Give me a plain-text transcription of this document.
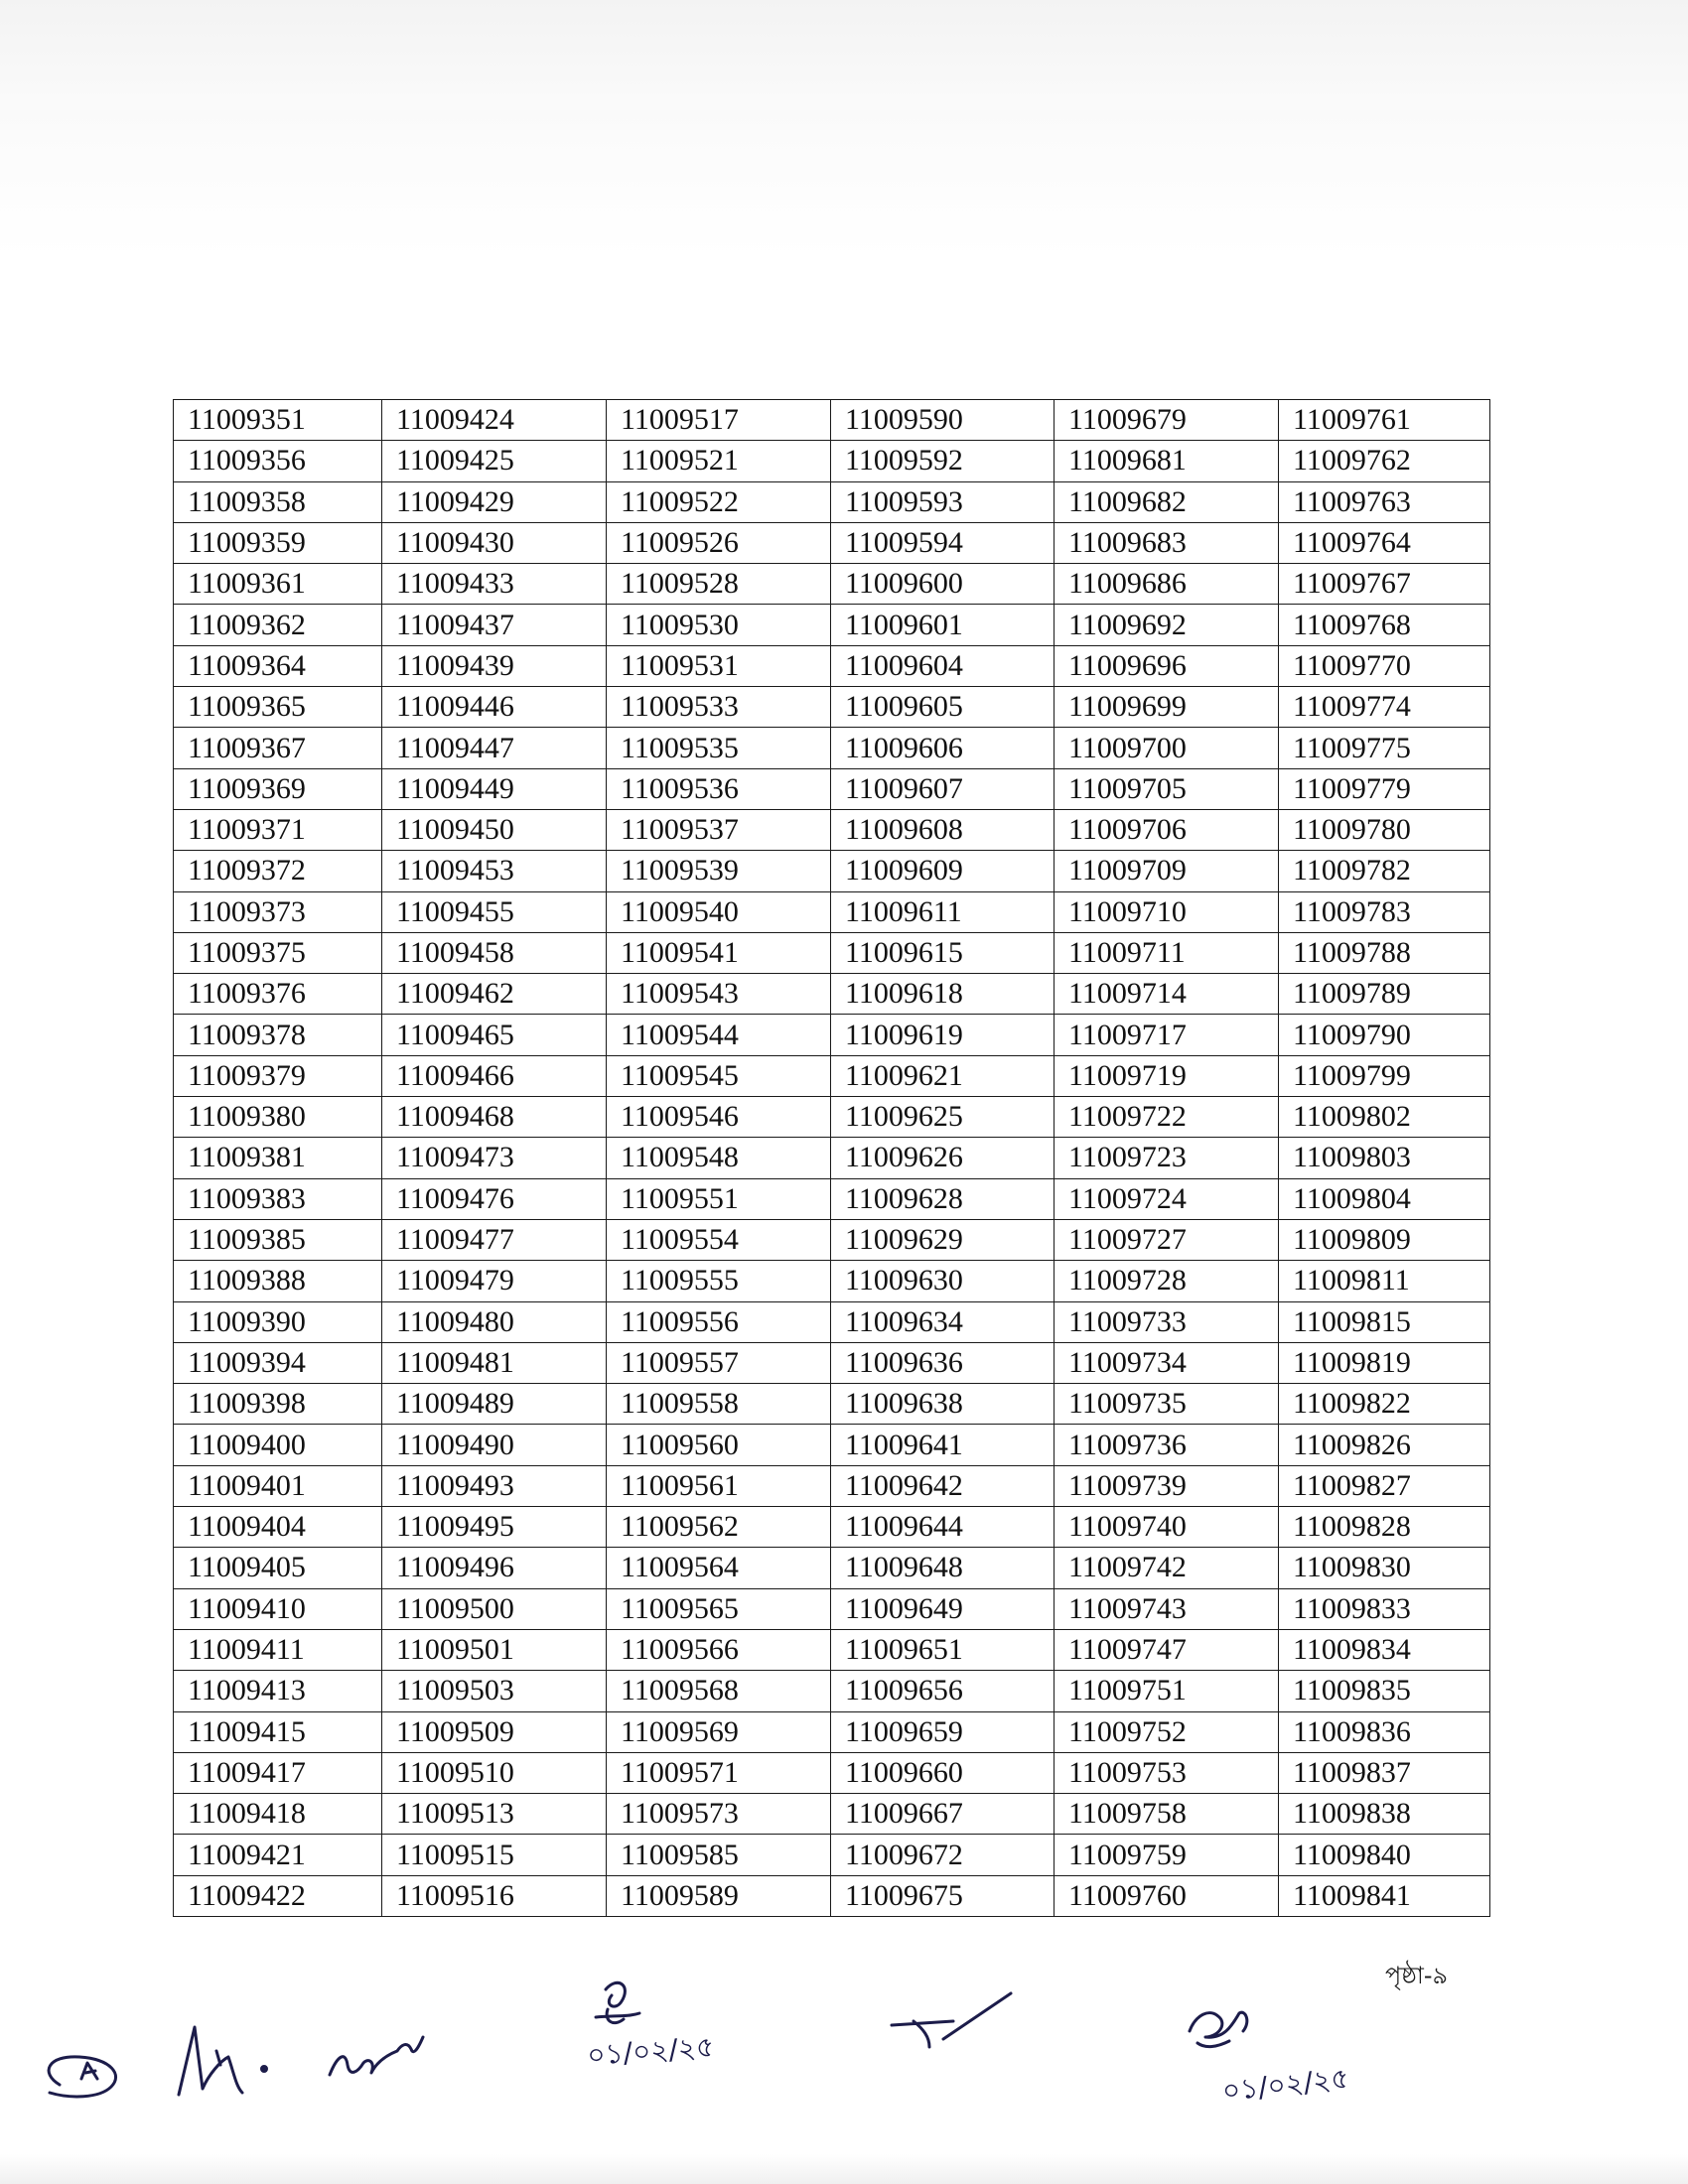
11009351	11009424	11009517	11009590	11009679	11009761
11009356	11009425	11009521	11009592	11009681	11009762
11009358	11009429	11009522	11009593	11009682	11009763
11009359	11009430	11009526	11009594	11009683	11009764
11009361	11009433	11009528	11009600	11009686	11009767
11009362	11009437	11009530	11009601	11009692	11009768
11009364	11009439	11009531	11009604	11009696	11009770
11009365	11009446	11009533	11009605	11009699	11009774
11009367	11009447	11009535	11009606	11009700	11009775
11009369	11009449	11009536	11009607	11009705	11009779
11009371	11009450	11009537	11009608	11009706	11009780
11009372	11009453	11009539	11009609	11009709	11009782
11009373	11009455	11009540	11009611	11009710	11009783
11009375	11009458	11009541	11009615	11009711	11009788
11009376	11009462	11009543	11009618	11009714	11009789
11009378	11009465	11009544	11009619	11009717	11009790
11009379	11009466	11009545	11009621	11009719	11009799
11009380	11009468	11009546	11009625	11009722	11009802
11009381	11009473	11009548	11009626	11009723	11009803
11009383	11009476	11009551	11009628	11009724	11009804
11009385	11009477	11009554	11009629	11009727	11009809
11009388	11009479	11009555	11009630	11009728	11009811
11009390	11009480	11009556	11009634	11009733	11009815
11009394	11009481	11009557	11009636	11009734	11009819
11009398	11009489	11009558	11009638	11009735	11009822
11009400	11009490	11009560	11009641	11009736	11009826
11009401	11009493	11009561	11009642	11009739	11009827
11009404	11009495	11009562	11009644	11009740	11009828
11009405	11009496	11009564	11009648	11009742	11009830
11009410	11009500	11009565	11009649	11009743	11009833
11009411	11009501	11009566	11009651	11009747	11009834
11009413	11009503	11009568	11009656	11009751	11009835
11009415	11009509	11009569	11009659	11009752	11009836
11009417	11009510	11009571	11009660	11009753	11009837
11009418	11009513	11009573	11009667	11009758	11009838
11009421	11009515	11009585	11009672	11009759	11009840
11009422	11009516	11009589	11009675	11009760	11009841
পৃষ্ঠা-৯
০১/০২/২৫
০১/০২/২৫
